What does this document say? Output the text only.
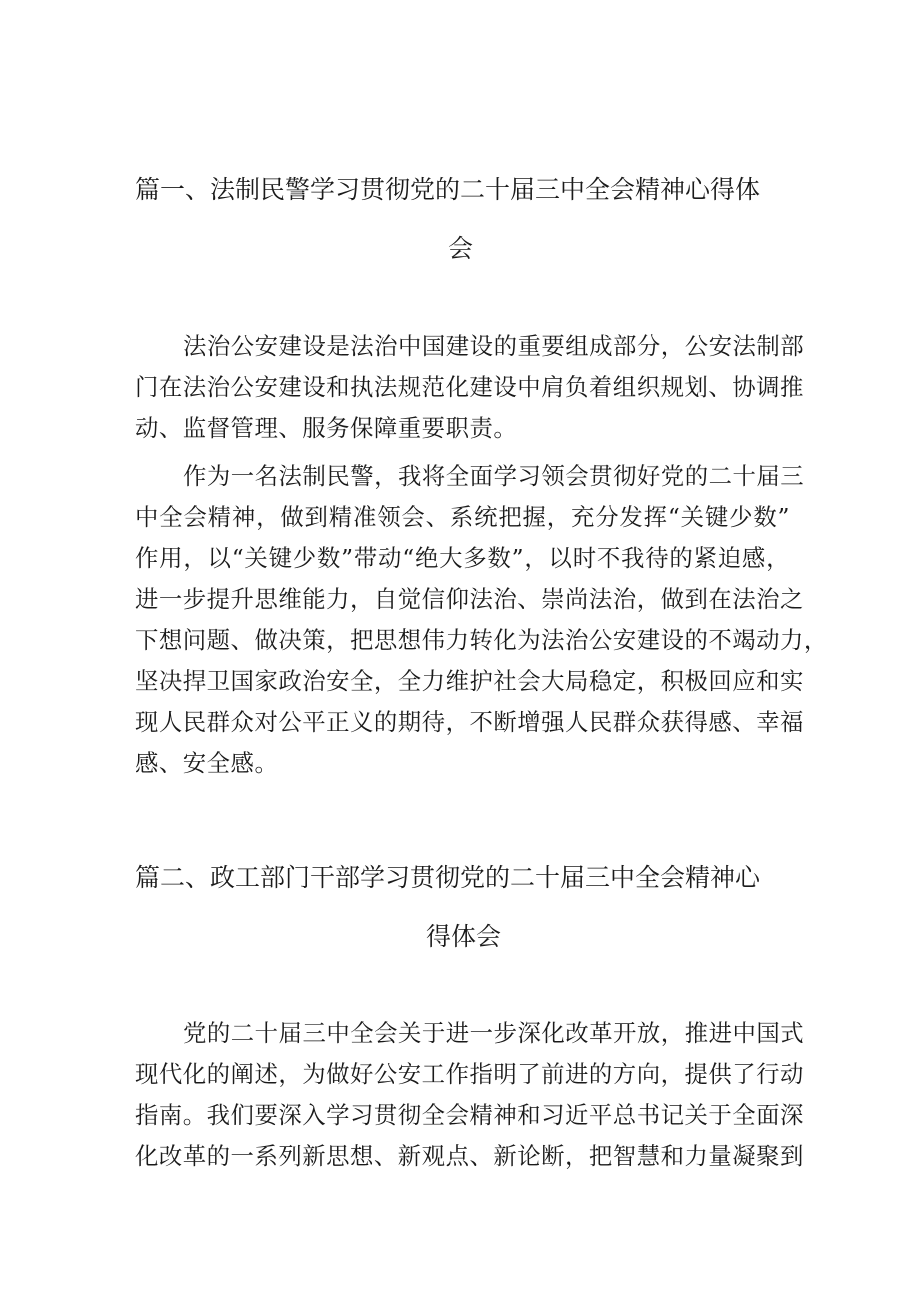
篇一、法制民警学习贯彻党的二十届三中全会精神心得体
会
法治公安建设是法治中国建设的重要组成部分，公安法制部
门在法治公安建设和执法规范化建设中肩负着组织规划、协调推
动、监督管理、服务保障重要职责。
作为一名法制民警，我将全面学习领会贯彻好党的二十届三
中全会精神，做到精准领会、系统把握，充分发挥“关键少数”
作用，以“关键少数”带动“绝大多数”，以时不我待的紧迫感，
进一步提升思维能力，自觉信仰法治、崇尚法治，做到在法治之
下想问题、做决策，把思想伟力转化为法治公安建设的不竭动力，
坚决捍卫国家政治安全，全力维护社会大局稳定，积极回应和实
现人民群众对公平正义的期待，不断增强人民群众获得感、幸福
感、安全感。
篇二、政工部门干部学习贯彻党的二十届三中全会精神心
得体会
党的二十届三中全会关于进一步深化改革开放，推进中国式
现代化的阐述，为做好公安工作指明了前进的方向，提供了行动
指南。我们要深入学习贯彻全会精神和习近平总书记关于全面深
化改革的一系列新思想、新观点、新论断，把智慧和力量凝聚到
